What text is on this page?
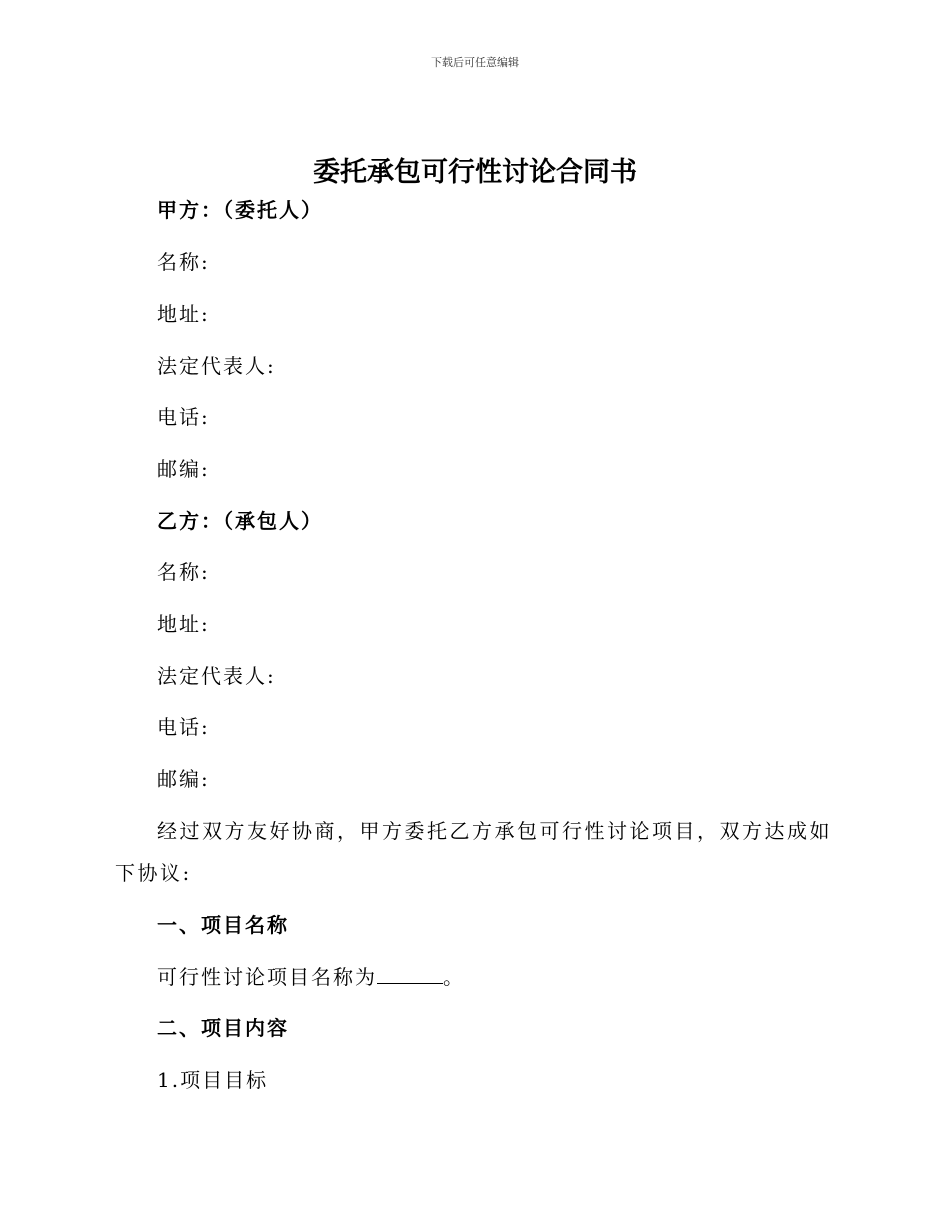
下载后可任意编辑
委托承包可行性讨论合同书
甲方：（委托人）
名称:
地址:
法定代表人:
电话:
邮编:
乙方：（承包人）
名称:
地址:
法定代表人:
电话:
邮编:
经过双方友好协商，甲方委托乙方承包可行性讨论项目，双方达成如下协议:
一、项目名称
可行性讨论项目名称为	。
二、项目内容
1.项目目标
